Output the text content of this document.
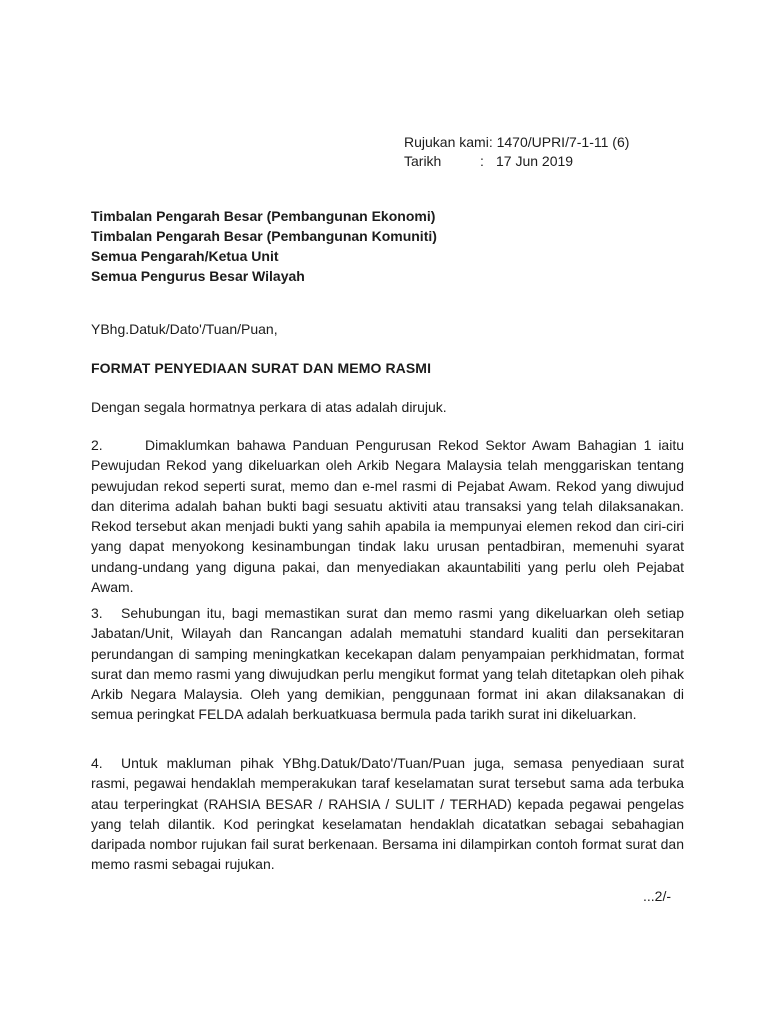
Rujukan kami:
1470/UPRI/7-1-11 (6)
Tarikh	: 17 Jun 2019
Timbalan Pengarah Besar (Pembangunan Ekonomi)
Timbalan Pengarah Besar (Pembangunan Komuniti)
Semua Pengarah/Ketua Unit
Semua Pengurus Besar Wilayah
YBhg.Datuk/Dato'/Tuan/Puan,
FORMAT PENYEDIAAN SURAT DAN MEMO RASMI
Dengan segala hormatnya perkara di atas adalah dirujuk.
2.	Dimaklumkan bahawa Panduan Pengurusan Rekod Sektor Awam Bahagian 1 iaitu Pewujudan Rekod yang dikeluarkan oleh Arkib Negara Malaysia telah menggariskan tentang pewujudan rekod seperti surat, memo dan e-mel rasmi di Pejabat Awam. Rekod yang diwujud dan diterima adalah bahan bukti bagi sesuatu aktiviti atau transaksi yang telah dilaksanakan. Rekod tersebut akan menjadi bukti yang sahih apabila ia mempunyai elemen rekod dan ciri-ciri yang dapat menyokong kesinambungan tindak laku urusan pentadbiran, memenuhi syarat undang-undang yang diguna pakai, dan menyediakan akauntabiliti yang perlu oleh Pejabat Awam.
3. Sehubungan itu, bagi memastikan surat dan memo rasmi yang dikeluarkan oleh setiap Jabatan/Unit, Wilayah dan Rancangan adalah mematuhi standard kualiti dan persekitaran perundangan di samping meningkatkan kecekapan dalam penyampaian perkhidmatan, format surat dan memo rasmi yang diwujudkan perlu mengikut format yang telah ditetapkan oleh pihak Arkib Negara Malaysia. Oleh yang demikian, penggunaan format ini akan dilaksanakan di semua peringkat FELDA adalah berkuatkuasa bermula pada tarikh surat ini dikeluarkan.
4. Untuk makluman pihak YBhg.Datuk/Dato'/Tuan/Puan juga, semasa penyediaan surat rasmi, pegawai hendaklah memperakukan taraf keselamatan surat tersebut sama ada terbuka atau terperingkat (RAHSIA BESAR / RAHSIA / SULIT / TERHAD) kepada pegawai pengelas yang telah dilantik. Kod peringkat keselamatan hendaklah dicatatkan sebagai sebahagian daripada nombor rujukan fail surat berkenaan. Bersama ini dilampirkan contoh format surat dan memo rasmi sebagai rujukan.
...2/-
